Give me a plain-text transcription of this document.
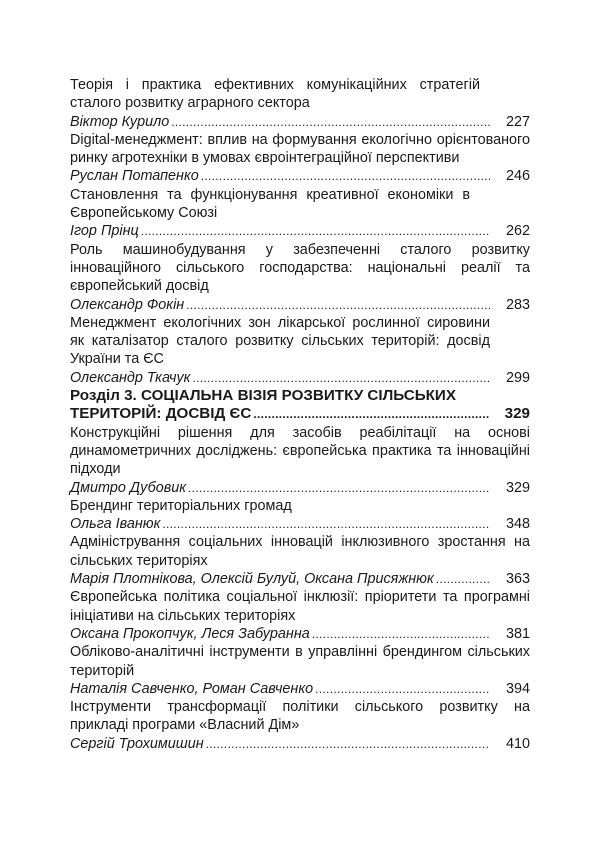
Теорія і практика ефективних комунікаційних стратегій сталого розвитку аграрного сектора
Віктор Курило .....	227
Digital-менеджмент: вплив на формування екологічно орієнтованого ринку агротехніки в умовах євроінтеграційної перспективи
Руслан Потапенко .....	246
Становлення та функціонування креативної економіки в Європейському Союзі
Ігор Прінц .....	262
Роль машинобудування у забезпеченні сталого розвитку інноваційного сільського господарства: національні реалії та європейський досвід
Олександр Фокін .....	283
Менеджмент екологічних зон лікарської рослинної сировини як каталізатор сталого розвитку сільських територій: досвід України та ЄС
Олександр Ткачук .....	299
Розділ 3. СОЦІАЛЬНА ВІЗІЯ РОЗВИТКУ СІЛЬСЬКИХ
ТЕРИТОРІЙ: ДОСВІД ЄС .....	329
Конструкційні рішення для засобів реабілітації на основі динамометричних досліджень: європейська практика та інноваційні підходи
Дмитро Дубовик .....	329
Брендинг територіальних громад
Ольга Іванюк .....	348
Адміністрування соціальних інновацій інклюзивного зростання на сільських територіях
Марія Плотнікова, Олексій Булуй, Оксана Присяжнюк .....	363
Європейська політика соціальної інклюзії: пріоритети та програмні ініціативи на сільських територіях
Оксана Прокопчук, Леся Забуранна .....	381
Обліково-аналітичні інструменти в управлінні брендингом сільських територій
Наталія Савченко, Роман Савченко .....	394
Інструменти трансформації політики сільського розвитку на прикладі програми «Власний Дім»
Сергій Трохимишин .....	410
